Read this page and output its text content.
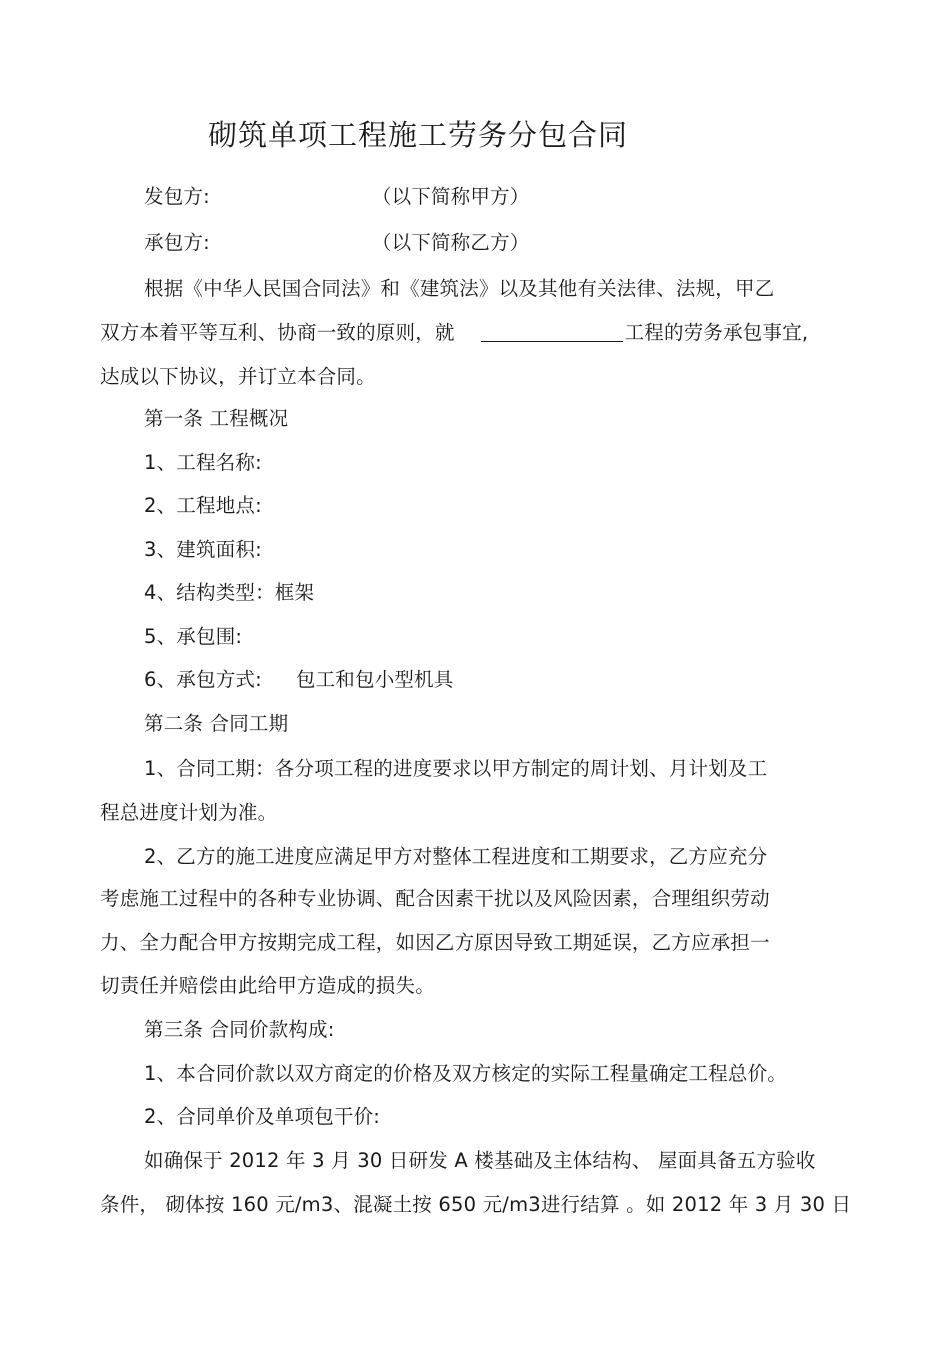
砌筑单项工程施工劳务分包合同
发包方:	（以下简称甲方）
承包方:	（以下简称乙方）
根据《中华人民国合同法》和《建筑法》以及其他有关法律、法规，甲乙
双方本着平等互利、协商一致的原则，就	工程的劳务承包事宜,
达成以下协议，并订立本合同。
第一条 工程概况
1、工程名称:
2、工程地点:
3、建筑面积:
4、结构类型：框架
5、承包围:
6、承包方式: 包工和包小型机具
第二条 合同工期
1、合同工期：各分项工程的进度要求以甲方制定的周计划、月计划及工
程总进度计划为准。
2、乙方的施工进度应满足甲方对整体工程进度和工期要求，乙方应充分
考虑施工过程中的各种专业协调、配合因素干扰以及风险因素，合理组织劳动
力、全力配合甲方按期完成工程，如因乙方原因导致工期延误，乙方应承担一
切责任并赔偿由此给甲方造成的损失。
第三条 合同价款构成:
1、本合同价款以双方商定的价格及双方核定的实际工程量确定工程总价。
2、合同单价及单项包干价:
如确保于 2012 年 3 月 30 日研发 A 楼基础及主体结构、 屋面具备五方验收
条件， 砌体按 160 元/m3、混凝土按 650 元/m3进行结算 。如 2012 年 3 月 30 日
